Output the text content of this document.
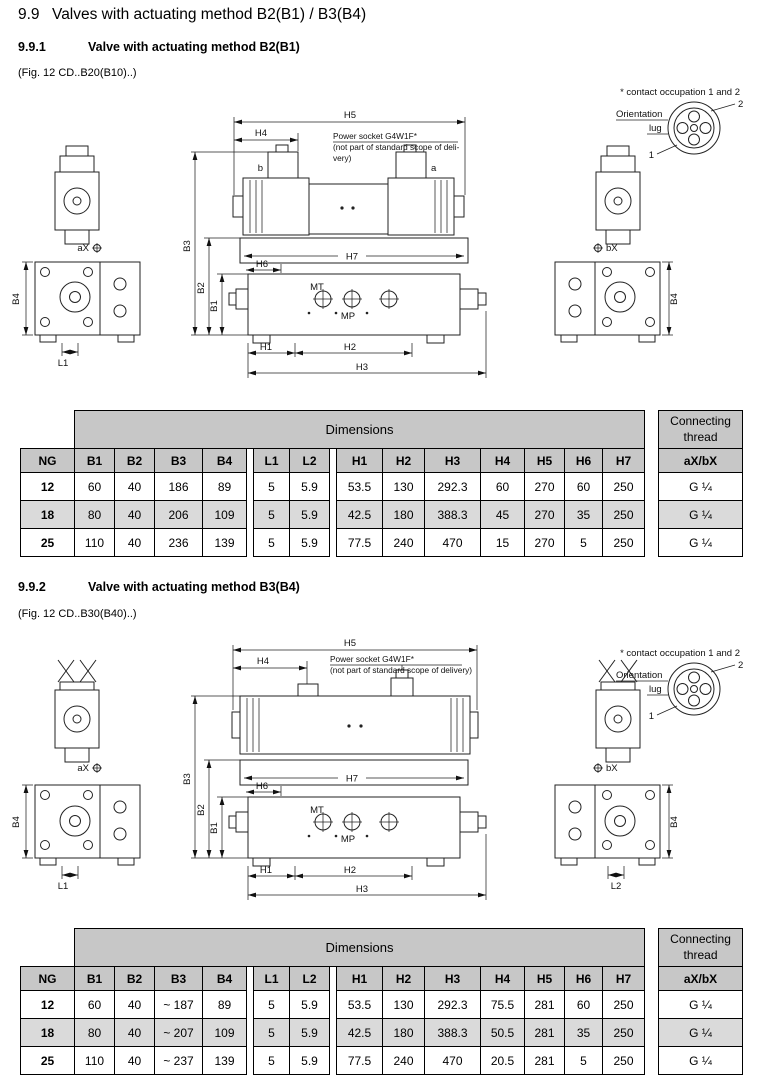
9.9 Valves with actuating method B2(B1) / B3(B4)
9.9.1	Valve with actuating method B2(B1)
(Fig. 12 CD..B20(B10)..)
9.9.2	Valve with actuating method B3(B4)
(Fig. 12 CD..B30(B40)..)
2
1
Orientation
lug
* contact occupation 1 and 2
aX
B4
L1
H5
H4	Power socket G4W1F*
(not part of standard scope of deli-
very)
b	a
H7
H6
MT
MP
H1	H2
H3
B3
B2
B1
bX
B4
2
1
Orientation
lug
* contact occupation 1 and 2
aX
B4
L1
H5
H4	Power socket G4W1F*
(not part of standard scope of delivery)
H7
H6
MT
MP
H1	H2
H3
B3
B2
B1
bX
B4
L2
	Dimensions																Connecting
thread

NG	B1	B2	B3	B4		L1	L2		H1	H2	H3	H4	H5	H6	H7		aX/bX
12	60	40	186	89		5	5.9		53.5	130	292.3	60	270	60	250		G ¼
18	80	40	206	109		5	5.9		42.5	180	388.3	45	270	35	250		G ¼
25	110	40	236	139		5	5.9		77.5	240	470	15	270	5	250		G ¼
	Dimensions																Connecting
thread

NG	B1	B2	B3	B4		L1	L2		H1	H2	H3	H4	H5	H6	H7		aX/bX
12	60	40	~ 187	89		5	5.9		53.5	130	292.3	75.5	281	60	250		G ¼
18	80	40	~ 207	109		5	5.9		42.5	180	388.3	50.5	281	35	250		G ¼
25	110	40	~ 237	139		5	5.9		77.5	240	470	20.5	281	5	250		G ¼
